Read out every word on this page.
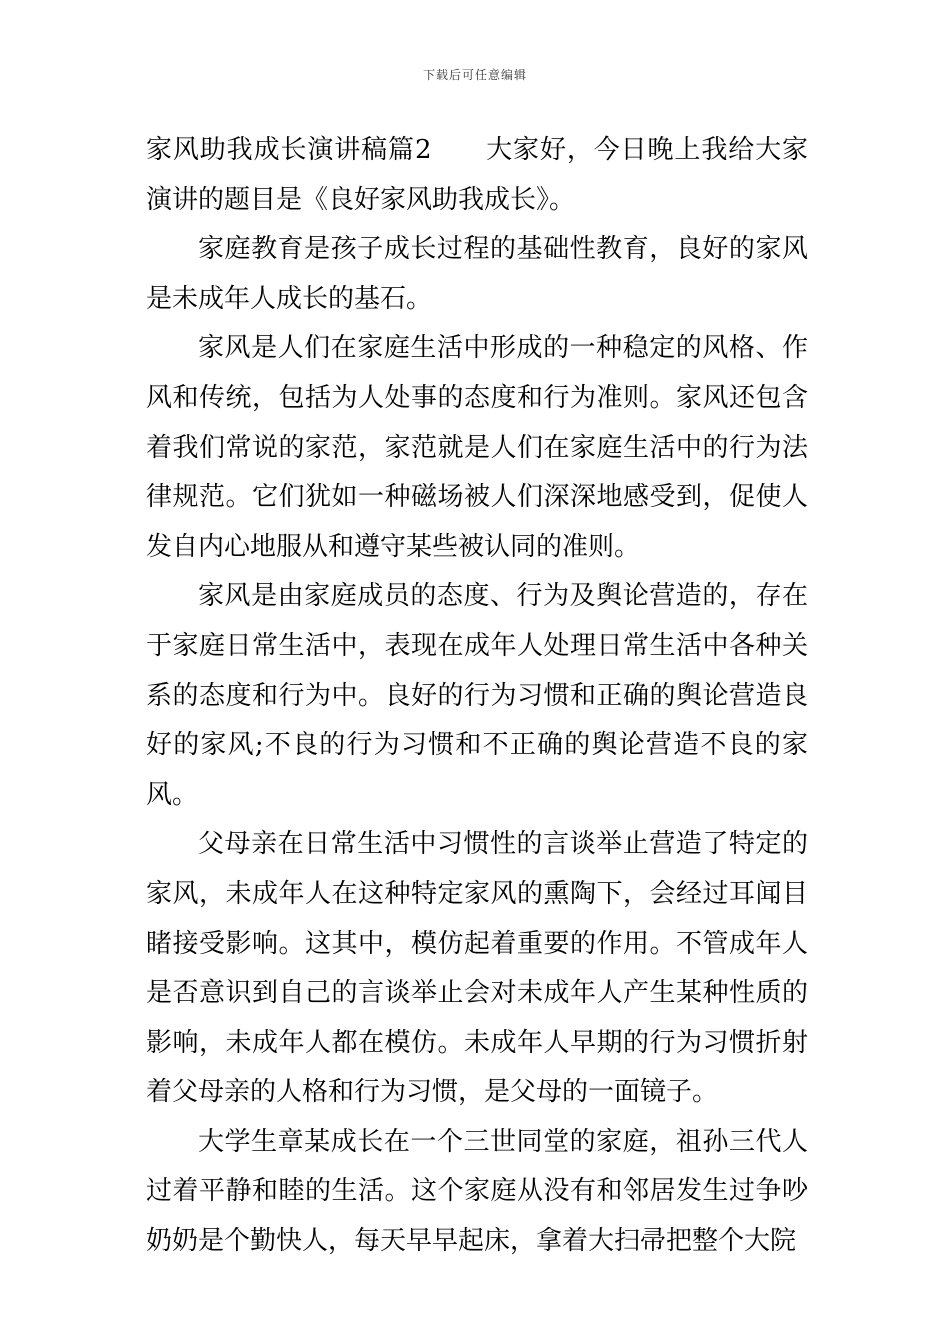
下载后可任意编辑

家风助我成长演讲稿篇2　　大家好，今日晚上我给大家演讲的题目是《良好家风助我成长》。

家庭教育是孩子成长过程的基础性教育，良好的家风是未成年人成长的基石。

家风是人们在家庭生活中形成的一种稳定的风格、作风和传统，包括为人处事的态度和行为准则。家风还包含着我们常说的家范，家范就是人们在家庭生活中的行为法律规范。它们犹如一种磁场被人们深深地感受到，促使人发自内心地服从和遵守某些被认同的准则。

家风是由家庭成员的态度、行为及舆论营造的，存在于家庭日常生活中，表现在成年人处理日常生活中各种关系的态度和行为中。良好的行为习惯和正确的舆论营造良好的家风;不良的行为习惯和不正确的舆论营造不良的家风。

父母亲在日常生活中习惯性的言谈举止营造了特定的家风，未成年人在这种特定家风的熏陶下，会经过耳闻目睹接受影响。这其中，模仿起着重要的作用。不管成年人是否意识到自己的言谈举止会对未成年人产生某种性质的影响，未成年人都在模仿。未成年人早期的行为习惯折射着父母亲的人格和行为习惯，是父母的一面镜子。

大学生章某成长在一个三世同堂的家庭，祖孙三代人过着平静和睦的生活。这个家庭从没有和邻居发生过争吵奶奶是个勤快人，每天早早起床，拿着大扫帚把整个大院
